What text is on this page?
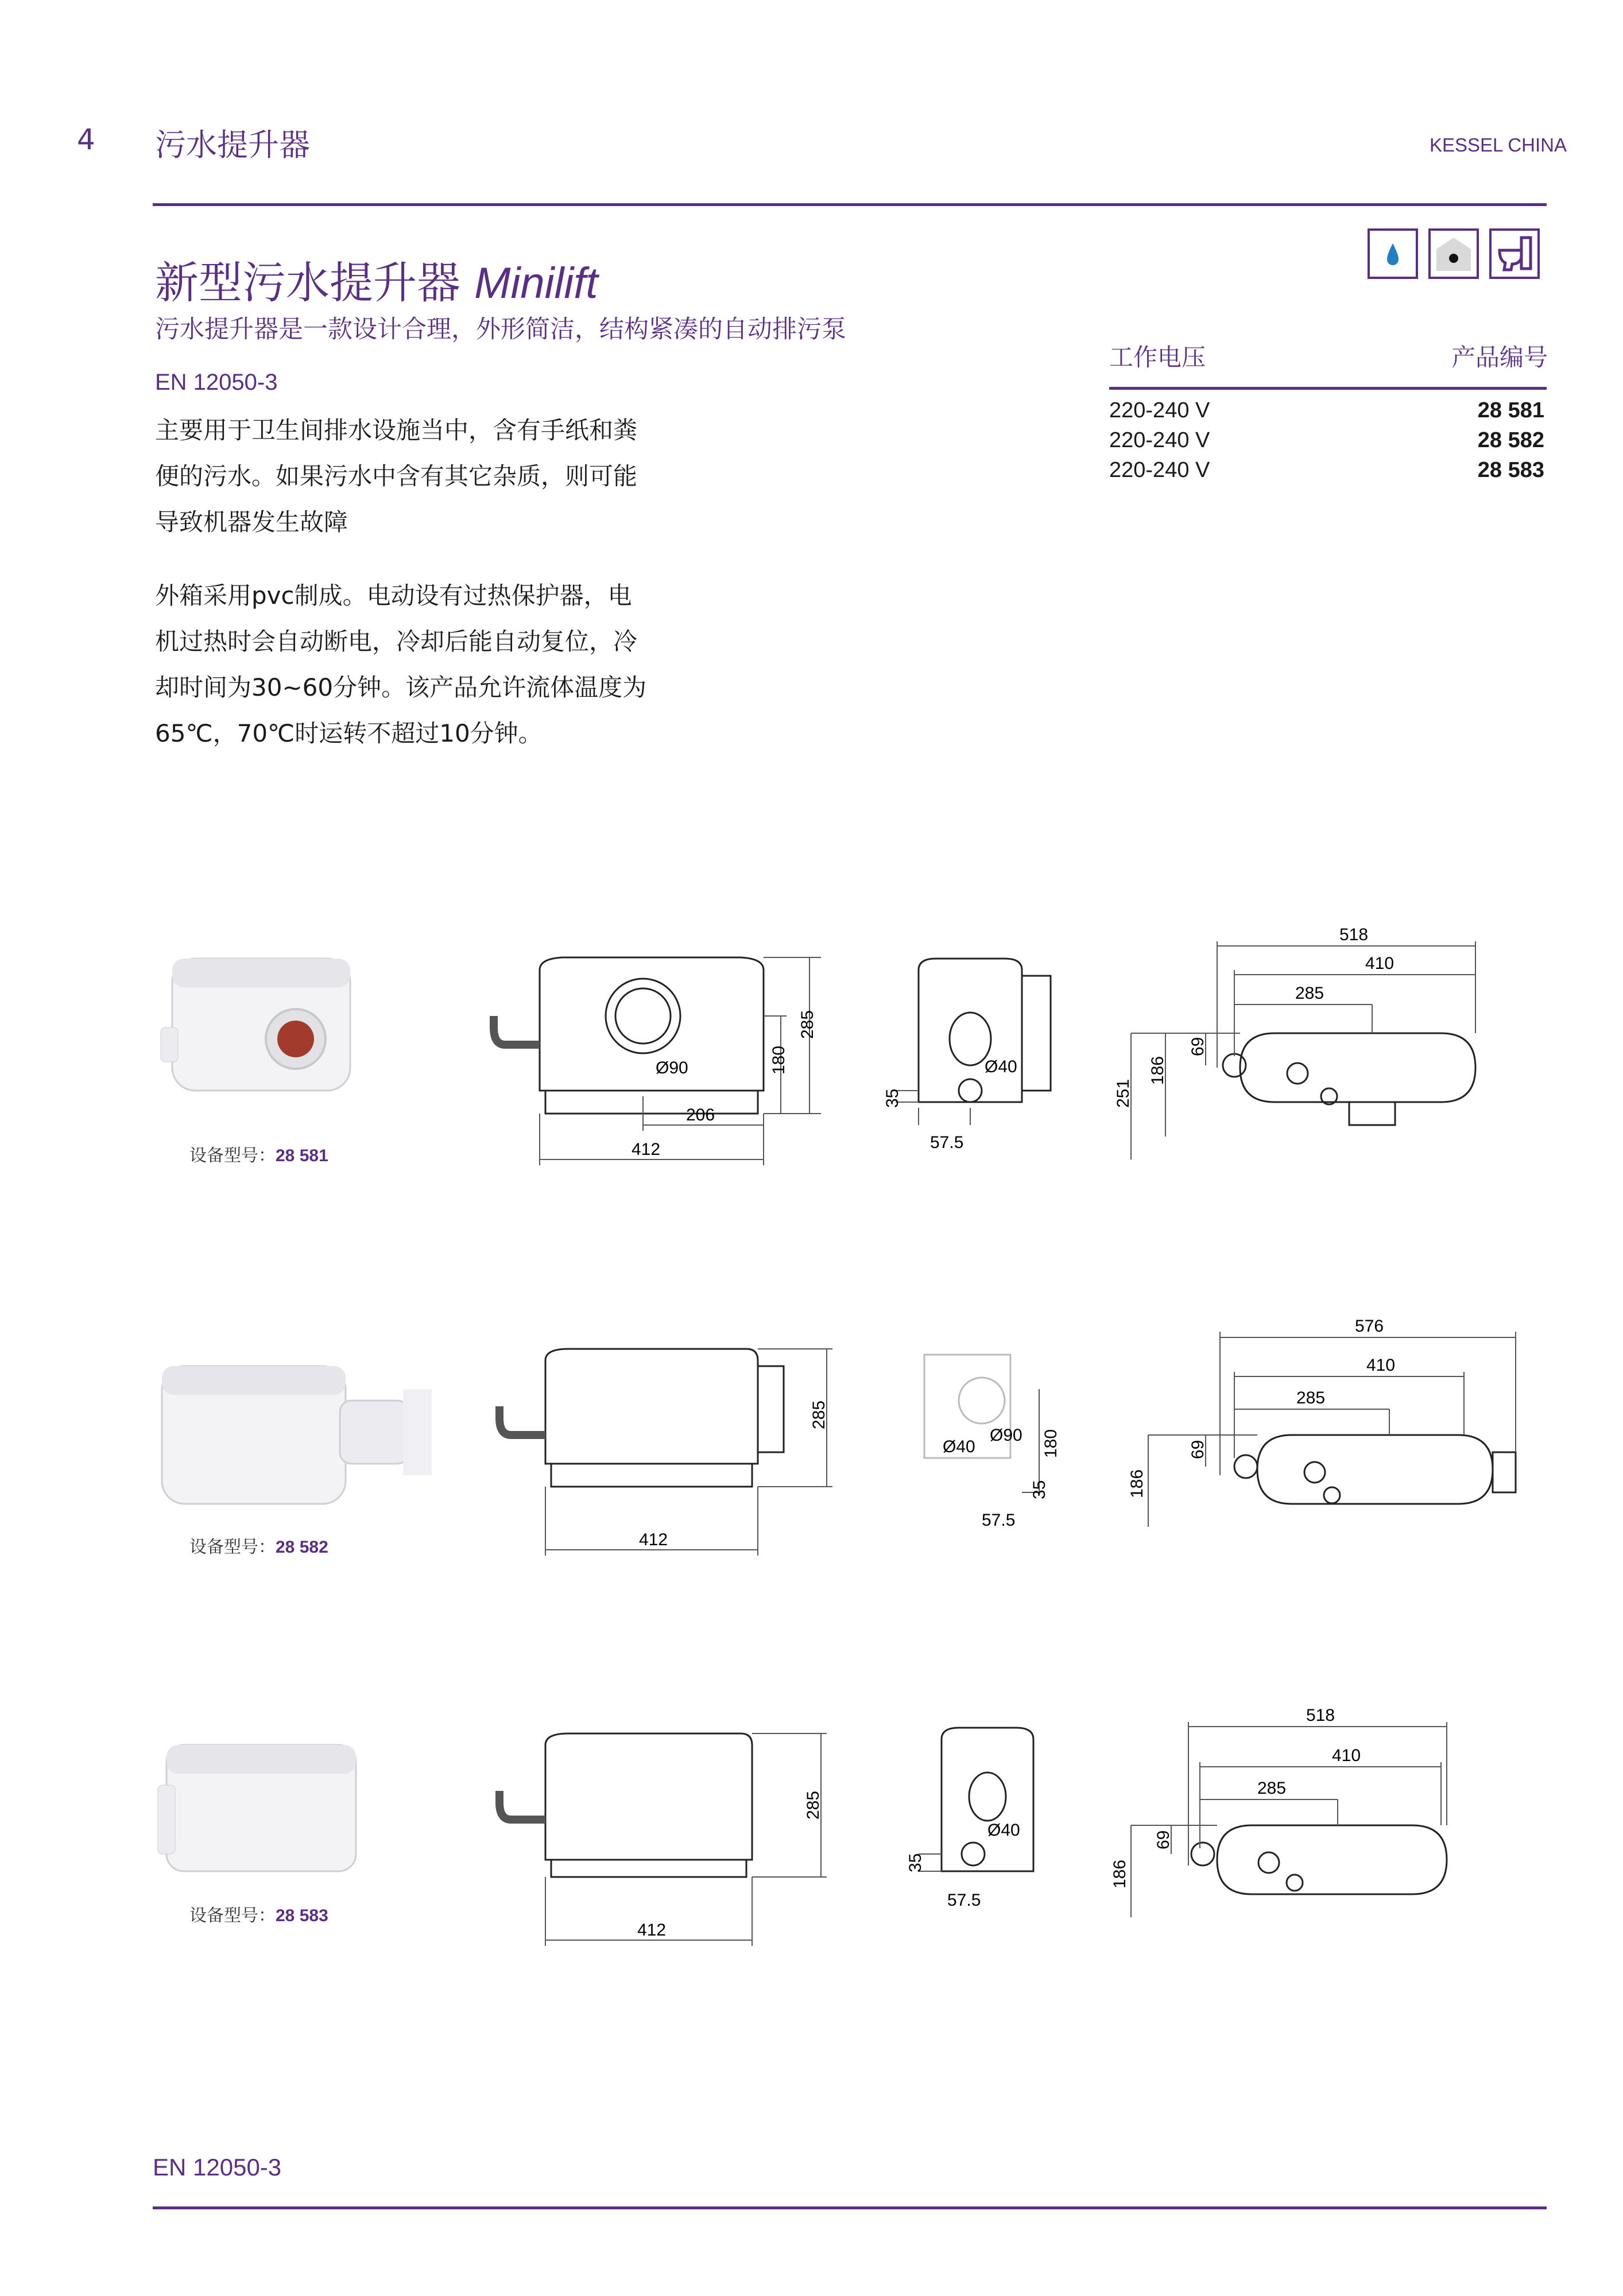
4 污水提升器	KESSEL CHINA
新型污水提升器 Minilift
污水提升器是一款设计合理，外形简洁，结构紧凑的自动排污泵
EN 12050-3
主要用于卫生间排水设施当中，含有手纸和粪
便的污水。如果污水中含有其它杂质，则可能
导致机器发生故障
外箱采用pvc制成。电动设有过热保护器，电
机过热时会自动断电，冷却后能自动复位，冷
却时间为30~60分钟。该产品允许流体温度为
65℃，70℃时运转不超过10分钟。
工作电压	产品编号
220-240 V	28 581
220-240 V	28 582
220-240 V	28 583
设备型号：28 581
285
180
206
412
Ø90	Ø40
35
57.5
518
410
285
251
186
69
设备型号：28 582
285
412
Ø40
Ø90 180
35
57.5
576
410
285
186
69
设备型号：28 583
285
412
Ø40
35
57.5
518
410
285
186
69
EN 12050-3
